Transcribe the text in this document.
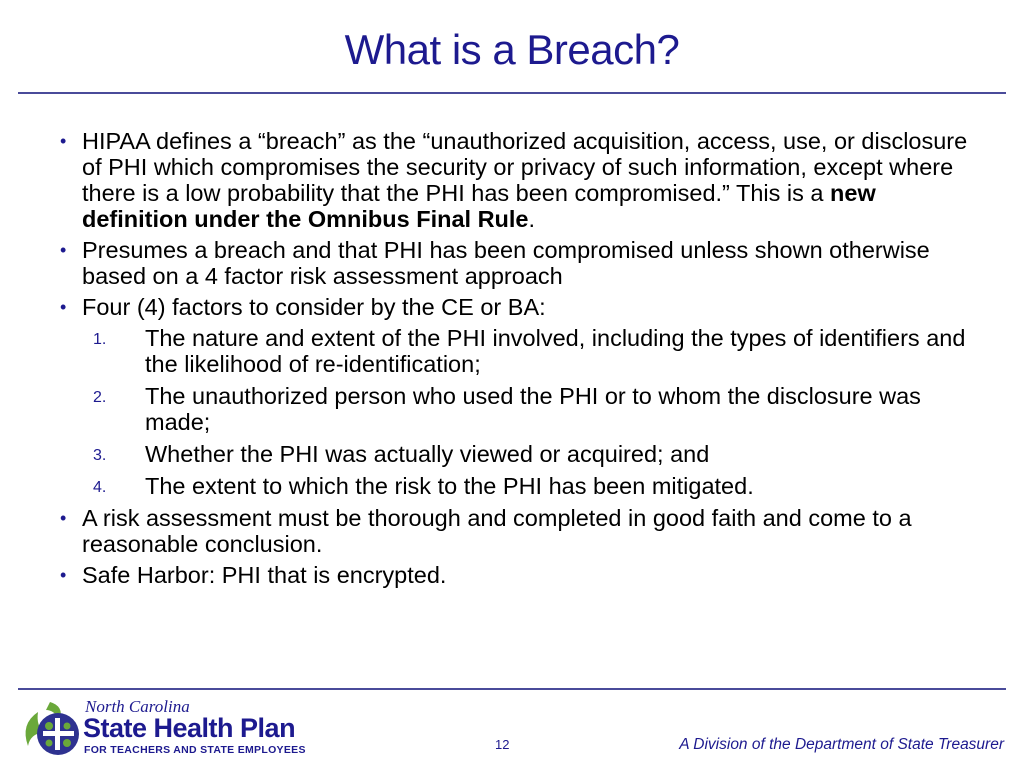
What is a Breach?
• HIPAA defines a “breach” as the “unauthorized acquisition, access, use, or disclosure of PHI which compromises the security or privacy of such information, except where there is a low probability that the PHI has been compromised.” This is a new definition under the Omnibus Final Rule.
• Presumes a breach and that PHI has been compromised unless shown otherwise based on a 4 factor risk assessment approach
• Four (4) factors to consider by the CE or BA:
1. The nature and extent of the PHI involved, including the types of identifiers and the likelihood of re-identification;
2. The unauthorized person who used the PHI or to whom the disclosure was made;
3. Whether the PHI was actually viewed or acquired; and
4. The extent to which the risk to the PHI has been mitigated.
• A risk assessment must be thorough and completed in good faith and come to a reasonable conclusion.
• Safe Harbor: PHI that is encrypted.
North Carolina
State Health Plan
FOR TEACHERS AND STATE EMPLOYEES	12	A Division of the Department of State Treasurer
